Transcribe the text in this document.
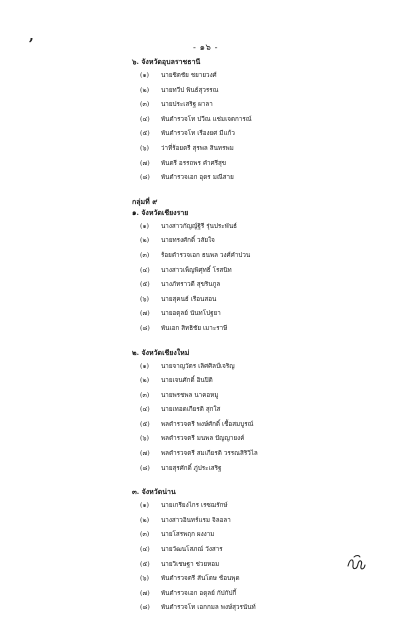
- ๑๖ -
,
๖. จังหวัดอุบลราชธานี
(๑)	นายชิตชัย ชยายวงศ์
(๒)	นายทวีป พินธ์สุวรรณ
(๓)	นายประเสริฐ ผาลา
(๔)	พันตำรวจโท ปวีณ แช่มเจตการณ์
(๕)	พันตำรวจโท เรืองยศ มีแก้ว
(๖)	ว่าที่ร้อยตรี สุรพล สินทรพม
(๗)	พันตรี อรรถพร คำศรีสุข
(๘)	พันตำรวจเอก อุดร มณีสาย
กลุ่มที่ ๙
๑. จังหวัดเชียงราย
(๑)	นางสาวกัญญ์ฐิรี รุ่นประพันธ์
(๒)	นายทรงศักดิ์ วสัยใจ
(๓)	ร้อยตำรวจเอก ธนพล วงศ์คำปวน
(๔)	นางสาวเพ็ญพิศุทธิ์ โรสนิท
(๕)	นางภัทราวดี สุขรินกูล
(๖)	นายสุคนธ์ เรือนสอน
(๗)	นายอตุลย์ นันทโปฐยา
(๘)	พันเอก สิทธิชัย เมาะราษี
๒. จังหวัดเชียงใหม่
(๑)	นายจาญวัตร เลิศศิลป์เจริญ
(๒)	นายเจนศักดิ์ อินปิติ
(๓)	นายพรชพล นาคอหมู
(๔)	นายเทอดเกียรติ สุกใส
(๕)	พลตำรวจตรี พงษ์ศักดิ์ เชื้อสมบูรณ์
(๖)	พลตำรวจตรี มนพล ปัญญายงค์
(๗)	พลตำรวจตรี สมเกียรติ วรรณสิริวิไล
(๘)	นายสุรศักดิ์ ภู่ประเสริฐ
๓. จังหวัดน่าน
(๑)	นายเกรียงไกร เรซฌรักษ์
(๒)	นางสาวอินทร์แรม จิลอลา
(๓)	นายโสรพฤก ผงงาม
(๔)	นายวัฒนโสภณ์ วังสาร
(๕)	นายวิเชษฐา ช่วยหอม
(๖)	พันตำรวจตรี สันโดษ ช้อนพุด
(๗)	พันตำรวจเอก อดุลย์ กัปกัปกี้
(๘)	พันตำรวจโท เอกกมล พงษ์สุวรนันท์
